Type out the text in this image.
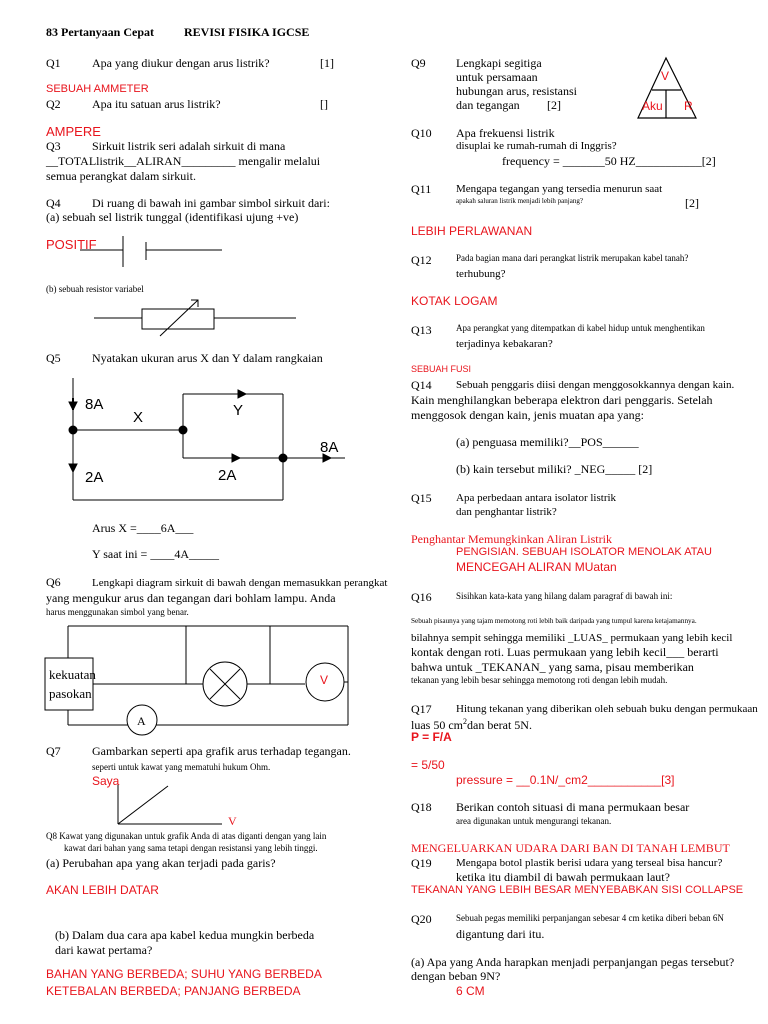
83 Pertanyaan Cepat	REVISI FISIKA IGCSE
Q1	Apa yang diukur dengan arus listrik?	[1]
SEBUAH AMMETER
Q2	Apa itu satuan arus listrik?	[]
AMPERE
Q3	Sirkuit listrik seri adalah sirkuit di mana
__TOTALlistrik__ALIRAN_________ mengalir melalui
semua perangkat dalam sirkuit.
Q4	Di ruang di bawah ini gambar simbol sirkuit dari:
(a) sebuah sel listrik tunggal (identifikasi ujung +ve)
POSITIF
(b) sebuah resistor variabel
Q5	Nyatakan ukuran arus X dan Y dalam rangkaian
8A
X	Y
8A
2A	2A
Arus X =____6A___
Y saat ini = ____4A_____
Q6	Lengkapi diagram sirkuit di bawah dengan memasukkan perangkat
yang mengukur arus dan tegangan dari bohlam lampu. Anda
harus menggunakan simbol yang benar.
kekuatan
pasokan
V
A
Q7	Gambarkan seperti apa grafik arus terhadap tegangan.
seperti untuk kawat yang mematuhi hukum Ohm.
Saya
V
Q8 Kawat yang digunakan untuk grafik Anda di atas diganti dengan yang lain
kawat dari bahan yang sama tetapi dengan resistansi yang lebih tinggi.
(a) Perubahan apa yang akan terjadi pada garis?
AKAN LEBIH DATAR
(b) Dalam dua cara apa kabel kedua mungkin berbeda
dari kawat pertama?
BAHAN YANG BERBEDA; SUHU YANG BERBEDA
KETEBALAN BERBEDA; PANJANG BERBEDA
Q9	Lengkapi segitiga
untuk persamaan
hubungan arus, resistansi
dan tegangan [2]
V
Aku R
Q10 Apa frekuensi listrik
disuplai ke rumah-rumah di Inggris?
frequency = _______50 HZ___________[2]
Q11 Mengapa tegangan yang tersedia menurun saat
apakah saluran listrik menjadi lebih panjang?	[2]
LEBIH PERLAWANAN
Q12	Pada bagian mana dari perangkat listrik merupakan kabel tanah?
terhubung?
KOTAK LOGAM
Q13	Apa perangkat yang ditempatkan di kabel hidup untuk menghentikan
terjadinya kebakaran?
SEBUAH FUSI
Q14 Sebuah penggaris diisi dengan menggosokkannya dengan kain.
Kain menghilangkan beberapa elektron dari penggaris. Setelah
menggosok dengan kain, jenis muatan apa yang:
(a) penguasa memiliki?__POS______
(b) kain tersebut miliki? _NEG_____ [2]
Q15 Apa perbedaan antara isolator listrik
dan penghantar listrik?
Penghantar Memungkinkan Aliran Listrik
PENGISIAN. SEBUAH ISOLATOR MENOLAK ATAU
MENCEGAH ALIRAN MUatan
Q16	Sisihkan kata-kata yang hilang dalam paragraf di bawah ini:
Sebuah pisaunya yang tajam memotong roti lebih baik daripada yang tumpul karena ketajamannya.
bilahnya sempit sehingga memiliki _LUAS_ permukaan yang lebih kecil
kontak dengan roti. Luas permukaan yang lebih kecil___ berarti
bahwa untuk _TEKANAN_ yang sama, pisau memberikan
tekanan yang lebih besar sehingga memotong roti dengan lebih mudah.
Q17 Hitung tekanan yang diberikan oleh sebuah buku dengan permukaan
luas 50 $cm^2dan$ berat 5N.
P = F/A
= 5/50
pressure = __0.1N/_cm2___________[3]
Q18 Berikan contoh situasi di mana permukaan besar
area digunakan untuk mengurangi tekanan.
MENGELUARKAN UDARA DARI BAN DI TANAH LEMBUT
Q19 Mengapa botol plastik berisi udara yang terseal bisa hancur?
ketika itu diambil di bawah permukaan laut?
TEKANAN YANG LEBIH BESAR MENYEBABKAN SISI COLLAPSE
Q20	Sebuah pegas memiliki perpanjangan sebesar 4 cm ketika diberi beban 6N
digantung dari itu.
(a) Apa yang Anda harapkan menjadi perpanjangan pegas tersebut?
dengan beban 9N?
6 CM
